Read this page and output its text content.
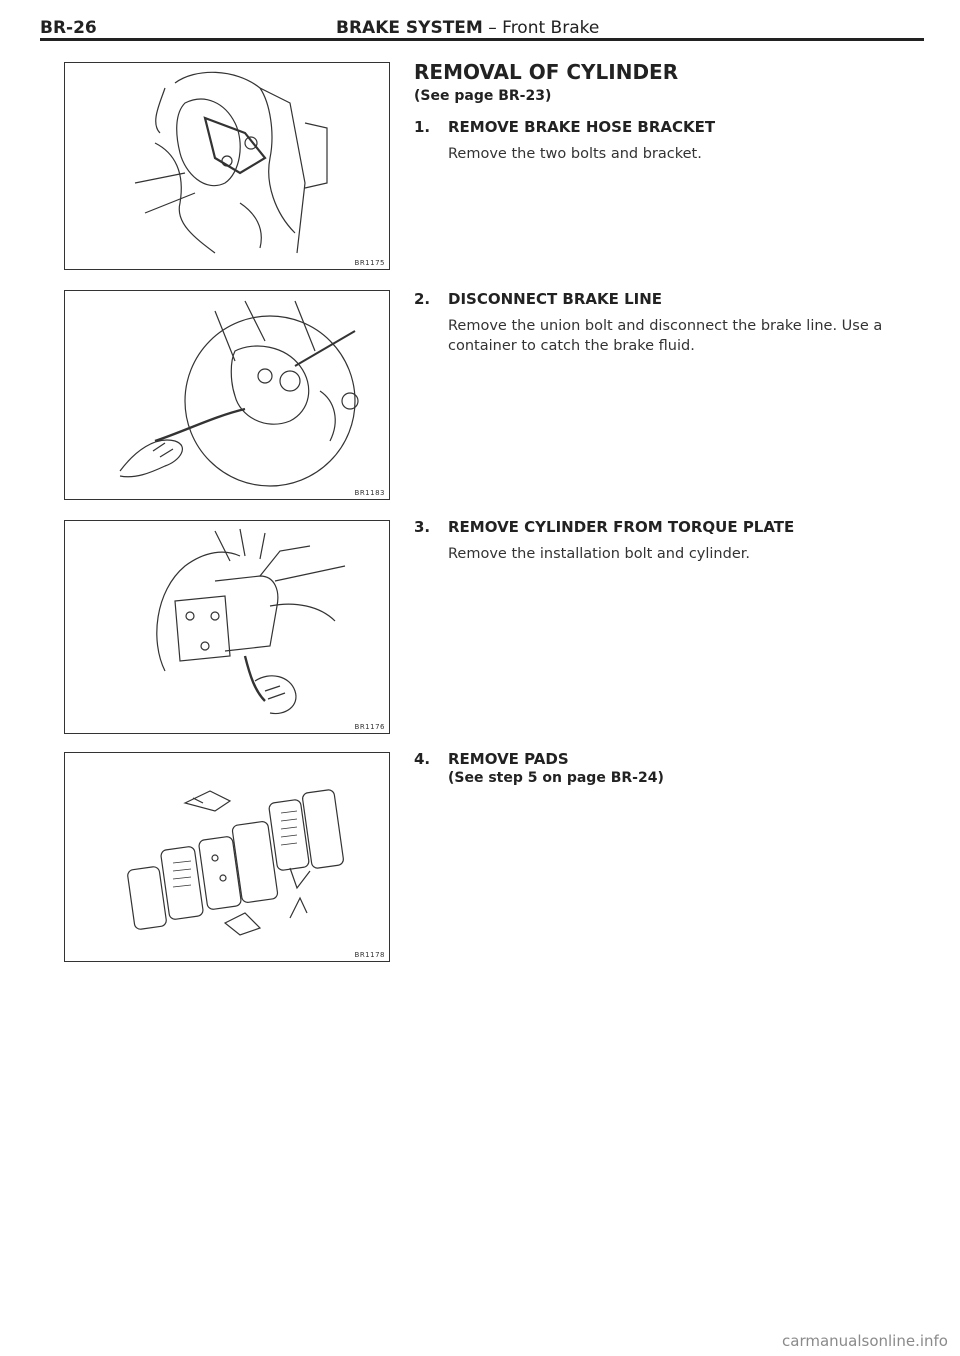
BR-26	BRAKE SYSTEM – Front Brake
BR1175
BR1183
BR1176
BR1178
REMOVAL OF CYLINDER
(See page BR-23)
1. REMOVE BRAKE HOSE BRACKET
Remove the two bolts and bracket.
2. DISCONNECT BRAKE LINE
Remove the union bolt and disconnect the brake line. Use a container to catch the brake fluid.
3. REMOVE CYLINDER FROM TORQUE PLATE
Remove the installation bolt and cylinder.
4. REMOVE PADS
(See step 5 on page BR-24)
carmanualsonline.info
